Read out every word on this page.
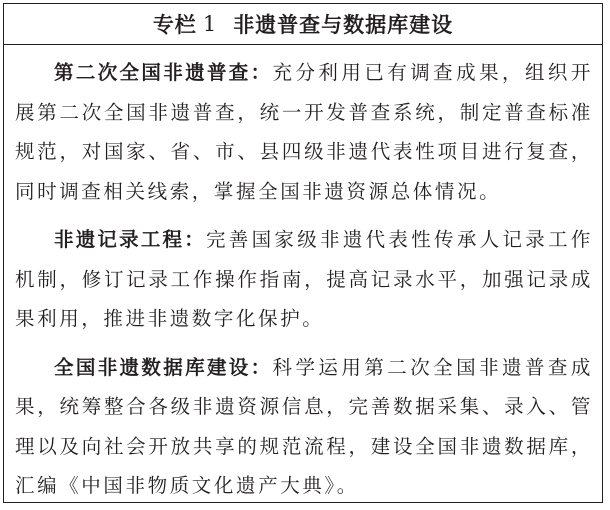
专栏 1 非遗普查与数据库建设

第二次全国非遗普查：充分利用已有调查成果，组织开展第二次全国非遗普查，统一开发普查系统，制定普查标准规范，对国家、省、市、县四级非遗代表性项目进行复查，同时调查相关线索，掌握全国非遗资源总体情况。

非遗记录工程：完善国家级非遗代表性传承人记录工作机制，修订记录工作操作指南，提高记录水平，加强记录成果利用，推进非遗数字化保护。

全国非遗数据库建设：科学运用第二次全国非遗普查成果，统筹整合各级非遗资源信息，完善数据采集、录入、管理以及向社会开放共享的规范流程，建设全国非遗数据库，汇编《中国非物质文化遗产大典》。
